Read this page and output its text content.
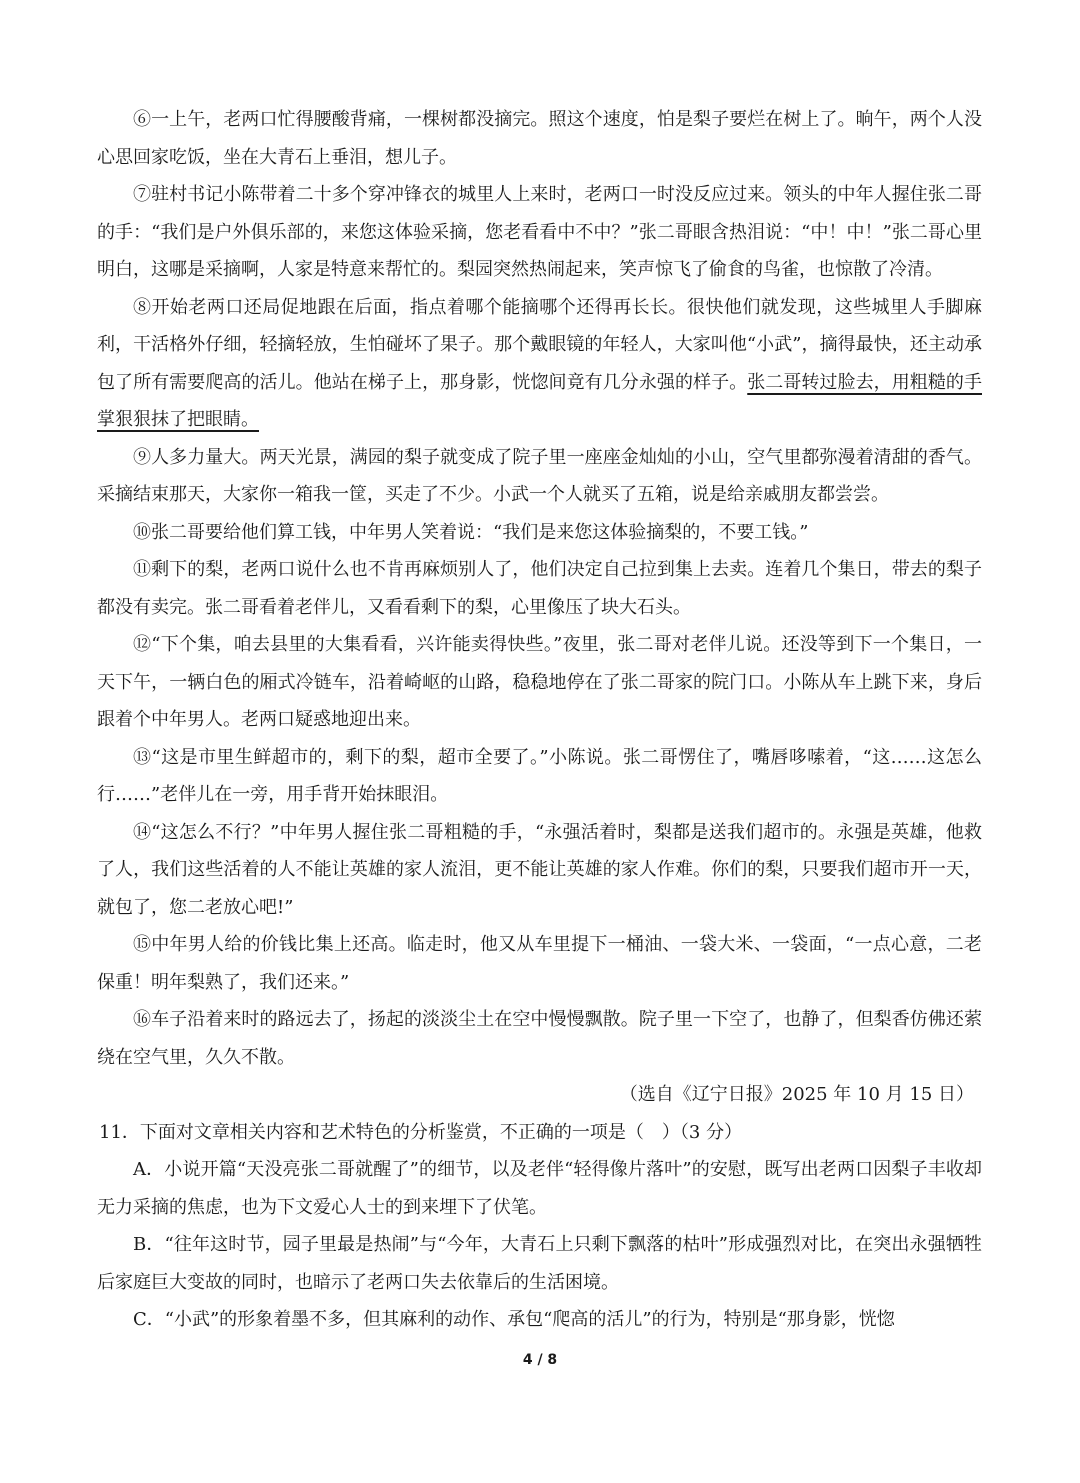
⑥一上午，老两口忙得腰酸背痛，一棵树都没摘完。照这个速度，怕是梨子要烂在树上了。晌午，两个人没心思回家吃饭，坐在大青石上垂泪，想儿子。

⑦驻村书记小陈带着二十多个穿冲锋衣的城里人上来时，老两口一时没反应过来。领头的中年人握住张二哥的手：“我们是户外俱乐部的，来您这体验采摘，您老看看中不中？”张二哥眼含热泪说：“中！中！”张二哥心里明白，这哪是采摘啊，人家是特意来帮忙的。梨园突然热闹起来，笑声惊飞了偷食的鸟雀，也惊散了冷清。

⑧开始老两口还局促地跟在后面，指点着哪个能摘哪个还得再长长。很快他们就发现，这些城里人手脚麻利，干活格外仔细，轻摘轻放，生怕碰坏了果子。那个戴眼镜的年轻人，大家叫他“小武”，摘得最快，还主动承包了所有需要爬高的活儿。他站在梯子上，那身影，恍惚间竟有几分永强的样子。张二哥转过脸去，用粗糙的手掌狠狠抹了把眼睛。

⑨人多力量大。两天光景，满园的梨子就变成了院子里一座座金灿灿的小山，空气里都弥漫着清甜的香气。采摘结束那天，大家你一箱我一筐，买走了不少。小武一个人就买了五箱，说是给亲戚朋友都尝尝。

⑩张二哥要给他们算工钱，中年男人笑着说：“我们是来您这体验摘梨的，不要工钱。”

⑪剩下的梨，老两口说什么也不肯再麻烦别人了，他们决定自己拉到集上去卖。连着几个集日，带去的梨子都没有卖完。张二哥看着老伴儿，又看看剩下的梨，心里像压了块大石头。

⑫“下个集，咱去县里的大集看看，兴许能卖得快些。”夜里，张二哥对老伴儿说。还没等到下一个集日，一天下午，一辆白色的厢式冷链车，沿着崎岖的山路，稳稳地停在了张二哥家的院门口。小陈从车上跳下来，身后跟着个中年男人。老两口疑惑地迎出来。

⑬“这是市里生鲜超市的，剩下的梨，超市全要了。”小陈说。张二哥愣住了，嘴唇哆嗦着，“这……这怎么行……”老伴儿在一旁，用手背开始抹眼泪。

⑭“这怎么不行？”中年男人握住张二哥粗糙的手，“永强活着时，梨都是送我们超市的。永强是英雄，他救了人，我们这些活着的人不能让英雄的家人流泪，更不能让英雄的家人作难。你们的梨，只要我们超市开一天，就包了，您二老放心吧!”

⑮中年男人给的价钱比集上还高。临走时，他又从车里提下一桶油、一袋大米、一袋面，“一点心意，二老保重！明年梨熟了，我们还来。”

⑯车子沿着来时的路远去了，扬起的淡淡尘土在空中慢慢飘散。院子里一下空了，也静了，但梨香仿佛还萦绕在空气里，久久不散。

（选自《辽宁日报》2025 年 10 月 15 日）

11．下面对文章相关内容和艺术特色的分析鉴赏，不正确的一项是（　）（3 分）

A．小说开篇“天没亮张二哥就醒了”的细节，以及老伴“轻得像片落叶”的安慰，既写出老两口因梨子丰收却无力采摘的焦虑，也为下文爱心人士的到来埋下了伏笔。

B．“往年这时节，园子里最是热闹”与“今年，大青石上只剩下飘落的枯叶”形成强烈对比，在突出永强牺牲后家庭巨大变故的同时，也暗示了老两口失去依靠后的生活困境。

C．“小武”的形象着墨不多，但其麻利的动作、承包“爬高的活儿”的行为，特别是“那身影，恍惚

4 / 8
